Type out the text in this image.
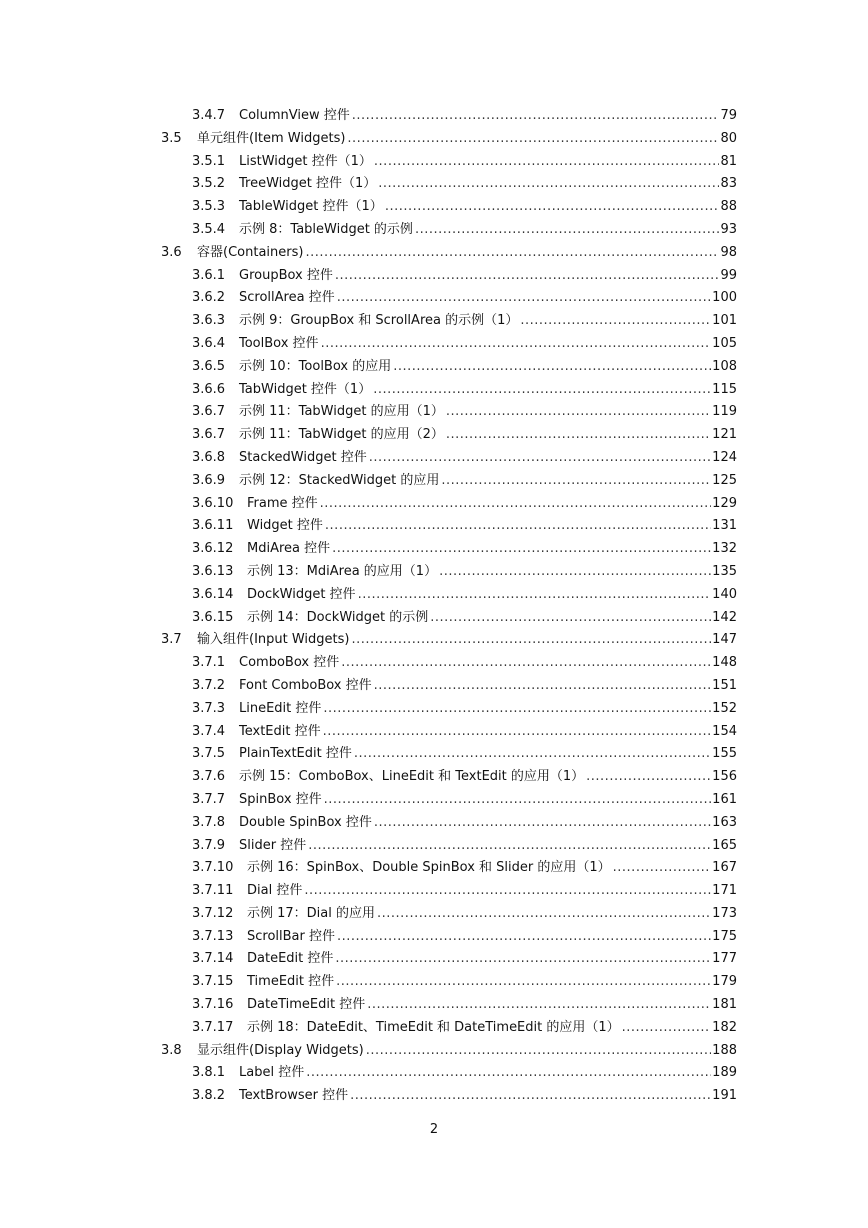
3.4.7 ColumnView 控件 .....	79
3.5 单元组件(Item Widgets) .....	80
3.5.1 ListWidget 控件（1） .....	81
3.5.2 TreeWidget 控件（1） .....	83
3.5.3 TableWidget 控件（1） .....	88
3.5.4 示例 8：TableWidget 的示例 .....	93
3.6 容器(Containers) .....	98
3.6.1 GroupBox 控件 .....	99
3.6.2 ScrollArea 控件 .....	100
3.6.3 示例 9：GroupBox 和 ScrollArea 的示例（1） .....	101
3.6.4 ToolBox 控件 .....	105
3.6.5 示例 10：ToolBox 的应用 .....	108
3.6.6 TabWidget 控件（1） .....	115
3.6.7 示例 11：TabWidget 的应用（1） .....	119
3.6.7 示例 11：TabWidget 的应用（2） .....	121
3.6.8 StackedWidget 控件 .....	124
3.6.9 示例 12：StackedWidget 的应用 .....	125
3.6.10 Frame 控件 .....	129
3.6.11 Widget 控件 .....	131
3.6.12 MdiArea 控件 .....	132
3.6.13 示例 13：MdiArea 的应用（1） .....	135
3.6.14 DockWidget 控件 .....	140
3.6.15 示例 14：DockWidget 的示例 .....	142
3.7 输入组件(Input Widgets) .....	147
3.7.1 ComboBox 控件 .....	148
3.7.2 Font ComboBox 控件 .....	151
3.7.3 LineEdit 控件 .....	152
3.7.4 TextEdit 控件 .....	154
3.7.5 PlainTextEdit 控件 .....	155
3.7.6 示例 15：ComboBox、LineEdit 和 TextEdit 的应用（1） .....	156
3.7.7 SpinBox 控件 .....	161
3.7.8 Double SpinBox 控件 .....	163
3.7.9 Slider 控件 .....	165
3.7.10 示例 16：SpinBox、Double SpinBox 和 Slider 的应用（1） .....	167
3.7.11 Dial 控件 .....	171
3.7.12 示例 17：Dial 的应用 .....	173
3.7.13 ScrollBar 控件 .....	175
3.7.14 DateEdit 控件 .....	177
3.7.15 TimeEdit 控件 .....	179
3.7.16 DateTimeEdit 控件 .....	181
3.7.17 示例 18：DateEdit、TimeEdit 和 DateTimeEdit 的应用（1） .....	182
3.8 显示组件(Display Widgets) .....	188
3.8.1 Label 控件 .....	189
3.8.2 TextBrowser 控件 .....	191
2
